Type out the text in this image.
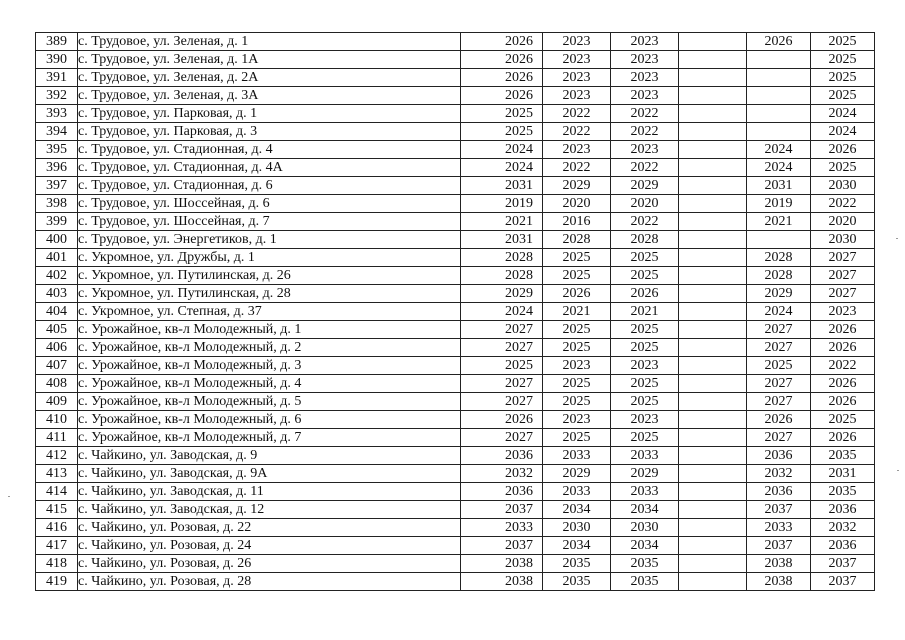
389	с. Трудовое, ул. Зеленая, д. 1	2026	2023	2023		2026	2025
390	с. Трудовое, ул. Зеленая, д. 1А	2026	2023	2023			2025
391	с. Трудовое, ул. Зеленая, д. 2А	2026	2023	2023			2025
392	с. Трудовое, ул. Зеленая, д. 3А	2026	2023	2023			2025
393	с. Трудовое, ул. Парковая, д. 1	2025	2022	2022			2024
394	с. Трудовое, ул. Парковая, д. 3	2025	2022	2022			2024
395	с. Трудовое, ул. Стадионная, д. 4	2024	2023	2023		2024	2026
396	с. Трудовое, ул. Стадионная, д. 4А	2024	2022	2022		2024	2025
397	с. Трудовое, ул. Стадионная, д. 6	2031	2029	2029		2031	2030
398	с. Трудовое, ул. Шоссейная, д. 6	2019	2020	2020		2019	2022
399	с. Трудовое, ул. Шоссейная, д. 7	2021	2016	2022		2021	2020
400	с. Трудовое, ул. Энергетиков, д. 1	2031	2028	2028			2030
401	с. Укромное, ул. Дружбы, д. 1	2028	2025	2025		2028	2027
402	с. Укромное, ул. Путилинская, д. 26	2028	2025	2025		2028	2027
403	с. Укромное, ул. Путилинская, д. 28	2029	2026	2026		2029	2027
404	с. Укромное, ул. Степная, д. 37	2024	2021	2021		2024	2023
405	с. Урожайное, кв-л Молодежный, д. 1	2027	2025	2025		2027	2026
406	с. Урожайное, кв-л Молодежный, д. 2	2027	2025	2025		2027	2026
407	с. Урожайное, кв-л Молодежный, д. 3	2025	2023	2023		2025	2022
408	с. Урожайное, кв-л Молодежный, д. 4	2027	2025	2025		2027	2026
409	с. Урожайное, кв-л Молодежный, д. 5	2027	2025	2025		2027	2026
410	с. Урожайное, кв-л Молодежный, д. 6	2026	2023	2023		2026	2025
411	с. Урожайное, кв-л Молодежный, д. 7	2027	2025	2025		2027	2026
412	с. Чайкино, ул. Заводская, д. 9	2036	2033	2033		2036	2035
413	с. Чайкино, ул. Заводская, д. 9А	2032	2029	2029		2032	2031
414	с. Чайкино, ул. Заводская, д. 11	2036	2033	2033		2036	2035
415	с. Чайкино, ул. Заводская, д. 12	2037	2034	2034		2037	2036
416	с. Чайкино, ул. Розовая, д. 22	2033	2030	2030		2033	2032
417	с. Чайкино, ул. Розовая, д. 24	2037	2034	2034		2037	2036
418	с. Чайкино, ул. Розовая, д. 26	2038	2035	2035		2038	2037
419	с. Чайкино, ул. Розовая, д. 28	2038	2035	2035		2038	2037
